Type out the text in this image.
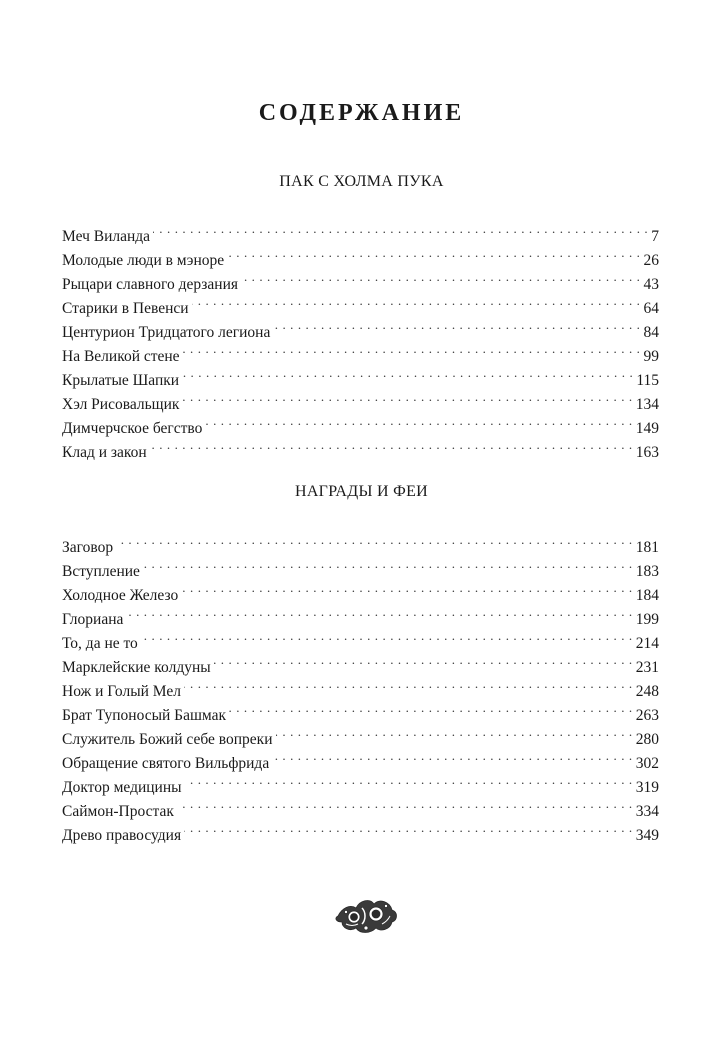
СОДЕРЖАНИЕ
ПАК С ХОЛМА ПУКА
Меч Виланда . . .	7
Молодые люди в мэноре . . .	26
Рыцари славного дерзания . . .	43
Старики в Певенси . . .	64
Центурион Тридцатого легиона . . .	84
На Великой стене . . .	99
Крылатые Шапки . . .	115
Хэл Рисовальщик . . .	134
Димчерчское бегство . . .	149
Клад и закон . . .	163
НАГРАДЫ И ФЕИ
Заговор . . .	181
Вступление . . .	183
Холодное Железо . . .	184
Глориана . . .	199
То, да не то . . .	214
Марклейские колдуны . . .	231
Нож и Голый Мел . . .	248
Брат Тупоносый Башмак . . .	263
Служитель Божий себе вопреки . . .	280
Обращение святого Вильфрида . . .	302
Доктор медицины . . .	319
Саймон-Простак . . .	334
Древо правосудия . . .	349
